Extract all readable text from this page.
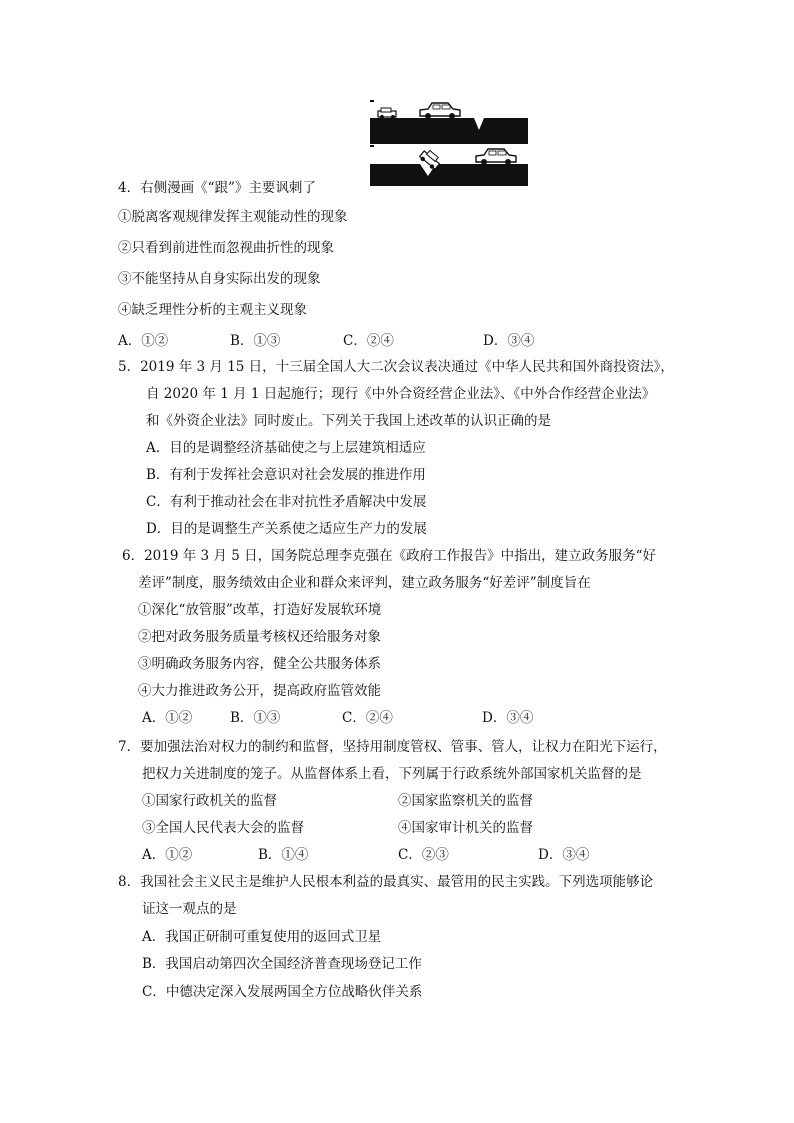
4．右侧漫画《“跟”》主要讽刺了
①脱离客观规律发挥主观能动性的现象
②只看到前进性而忽视曲折性的现象
③不能坚持从自身实际出发的现象
④缺乏理性分析的主观主义现象
A．①②	B．①③	C．②④	D．③④
5．2019 年 3 月 15 日，十三届全国人大二次会议表决通过《中华人民共和国外商投资法》，
自 2020 年 1 月 1 日起施行；现行《中外合资经营企业法》、《中外合作经营企业法》
和《外资企业法》同时废止。下列关于我国上述改革的认识正确的是
A．目的是调整经济基础使之与上层建筑相适应
B．有利于发挥社会意识对社会发展的推进作用
C．有利于推动社会在非对抗性矛盾解决中发展
D．目的是调整生产关系使之适应生产力的发展
6．2019 年 3 月 5 日，国务院总理李克强在《政府工作报告》中指出，建立政务服务“好
差评”制度，服务绩效由企业和群众来评判，建立政务服务“好差评”制度旨在
①深化“放管服”改革，打造好发展软环境
②把对政务服务质量考核权还给服务对象
③明确政务服务内容，健全公共服务体系
④大力推进政务公开，提高政府监管效能
A．①②	B．①③	C．②④	D．③④
7．要加强法治对权力的制约和监督，坚持用制度管权、管事、管人，让权力在阳光下运行，
把权力关进制度的笼子。从监督体系上看，下列属于行政系统外部国家机关监督的是
①国家行政机关的监督	②国家监察机关的监督
③全国人民代表大会的监督	④国家审计机关的监督
A．①②	B．①④	C．②③	D．③④
8．我国社会主义民主是维护人民根本利益的最真实、最管用的民主实践。下列选项能够论
证这一观点的是
A．我国正研制可重复使用的返回式卫星
B．我国启动第四次全国经济普查现场登记工作
C．中德决定深入发展两国全方位战略伙伴关系
